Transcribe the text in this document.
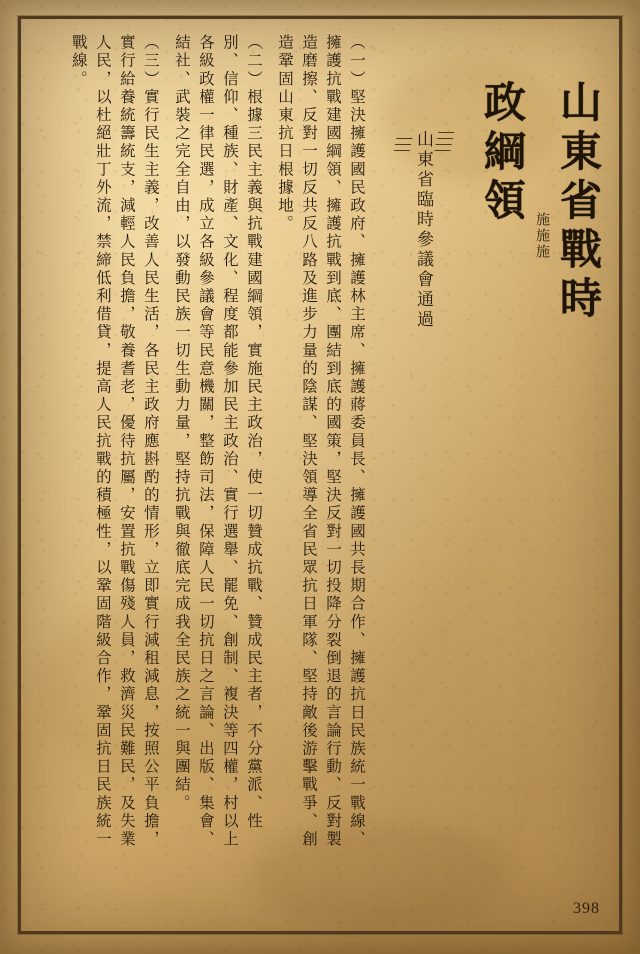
山東省戰時
施施施
政綱領
山東省臨時參議會通過
（一）堅決擁護國民政府、擁護林主席、擁護蔣委員長、擁護國共長期合作、擁護抗日民族統一戰線、擁護抗戰建國綱領、擁護抗戰到底、團結到底的國策，堅決反對一切投降分裂倒退的言論行動、反對製造磨擦、反對一切反共反八路及進步力量的陰謀、堅決領導全省民眾抗日軍隊、堅持敵後游擊戰爭、創造鞏固山東抗日根據地。
（二）根據三民主義與抗戰建國綱領，實施民主政治，使一切贊成抗戰、贊成民主者，不分黨派、性別、信仰、種族、財產、文化、程度都能參加民主政治、實行選舉、罷免、創制、複決等四權，村以上各級政權一律民選，成立各級參議會等民意機關，整飭司法，保障人民一切抗日之言論、出版、集會、結社、武裝之完全自由，以發動民族一切生動力量，堅持抗戰與徹底完成我全民族之統一與團結。
（三）實行民生主義，改善人民生活，各民主政府應斟酌的情形，立即實行減租減息，按照公平負擔，實行給養統籌統支，減輕人民負擔，敬養耆老，優待抗屬，安置抗戰傷殘人員，救濟災民難民，及失業人民，以杜絕壯丁外流，禁締低利借貸，提高人民抗戰的積極性，以鞏固階級合作，鞏固抗日民族統一戰線。
398
